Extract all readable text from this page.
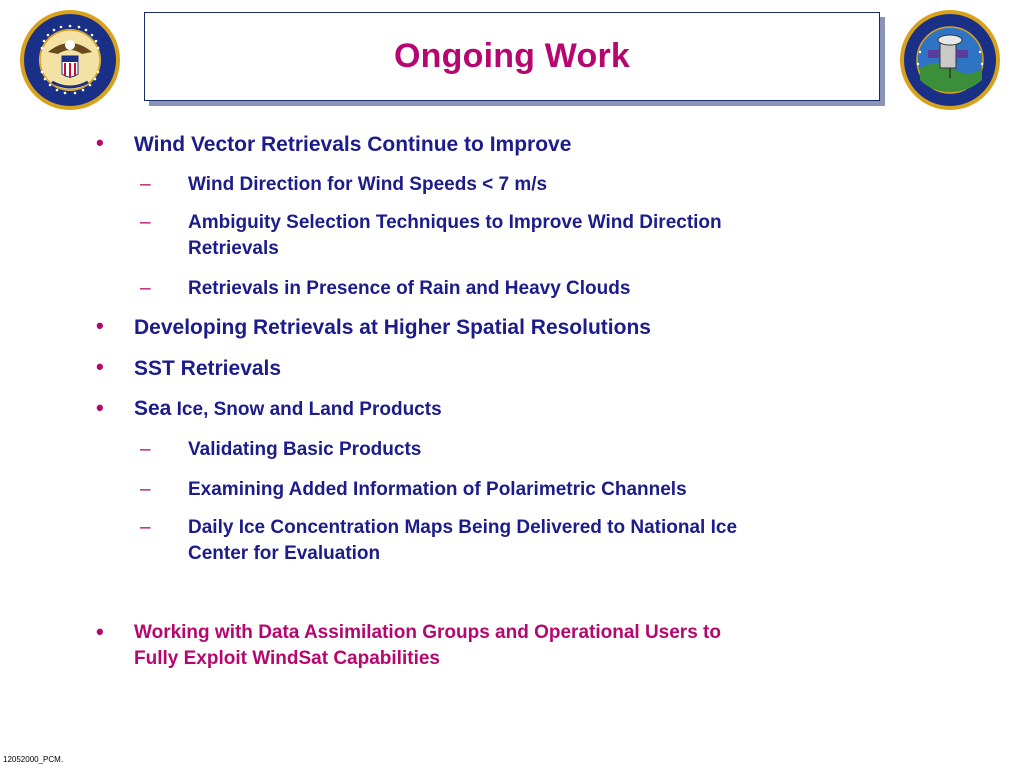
Ongoing Work
• Wind Vector Retrievals Continue to Improve
– Wind Direction for Wind Speeds < 7 m/s
– Ambiguity Selection Techniques to Improve Wind Direction
Retrievals
– Retrievals in Presence of Rain and Heavy Clouds
• Developing Retrievals at Higher Spatial Resolutions
• SST Retrievals
• Sea Ice, Snow and Land Products
– Validating Basic Products
– Examining Added Information of Polarimetric Channels
– Daily Ice Concentration Maps Being Delivered to National Ice
Center for Evaluation
• Working with Data Assimilation Groups and Operational Users to
Fully Exploit WindSat Capabilities
12052000_PCM.
